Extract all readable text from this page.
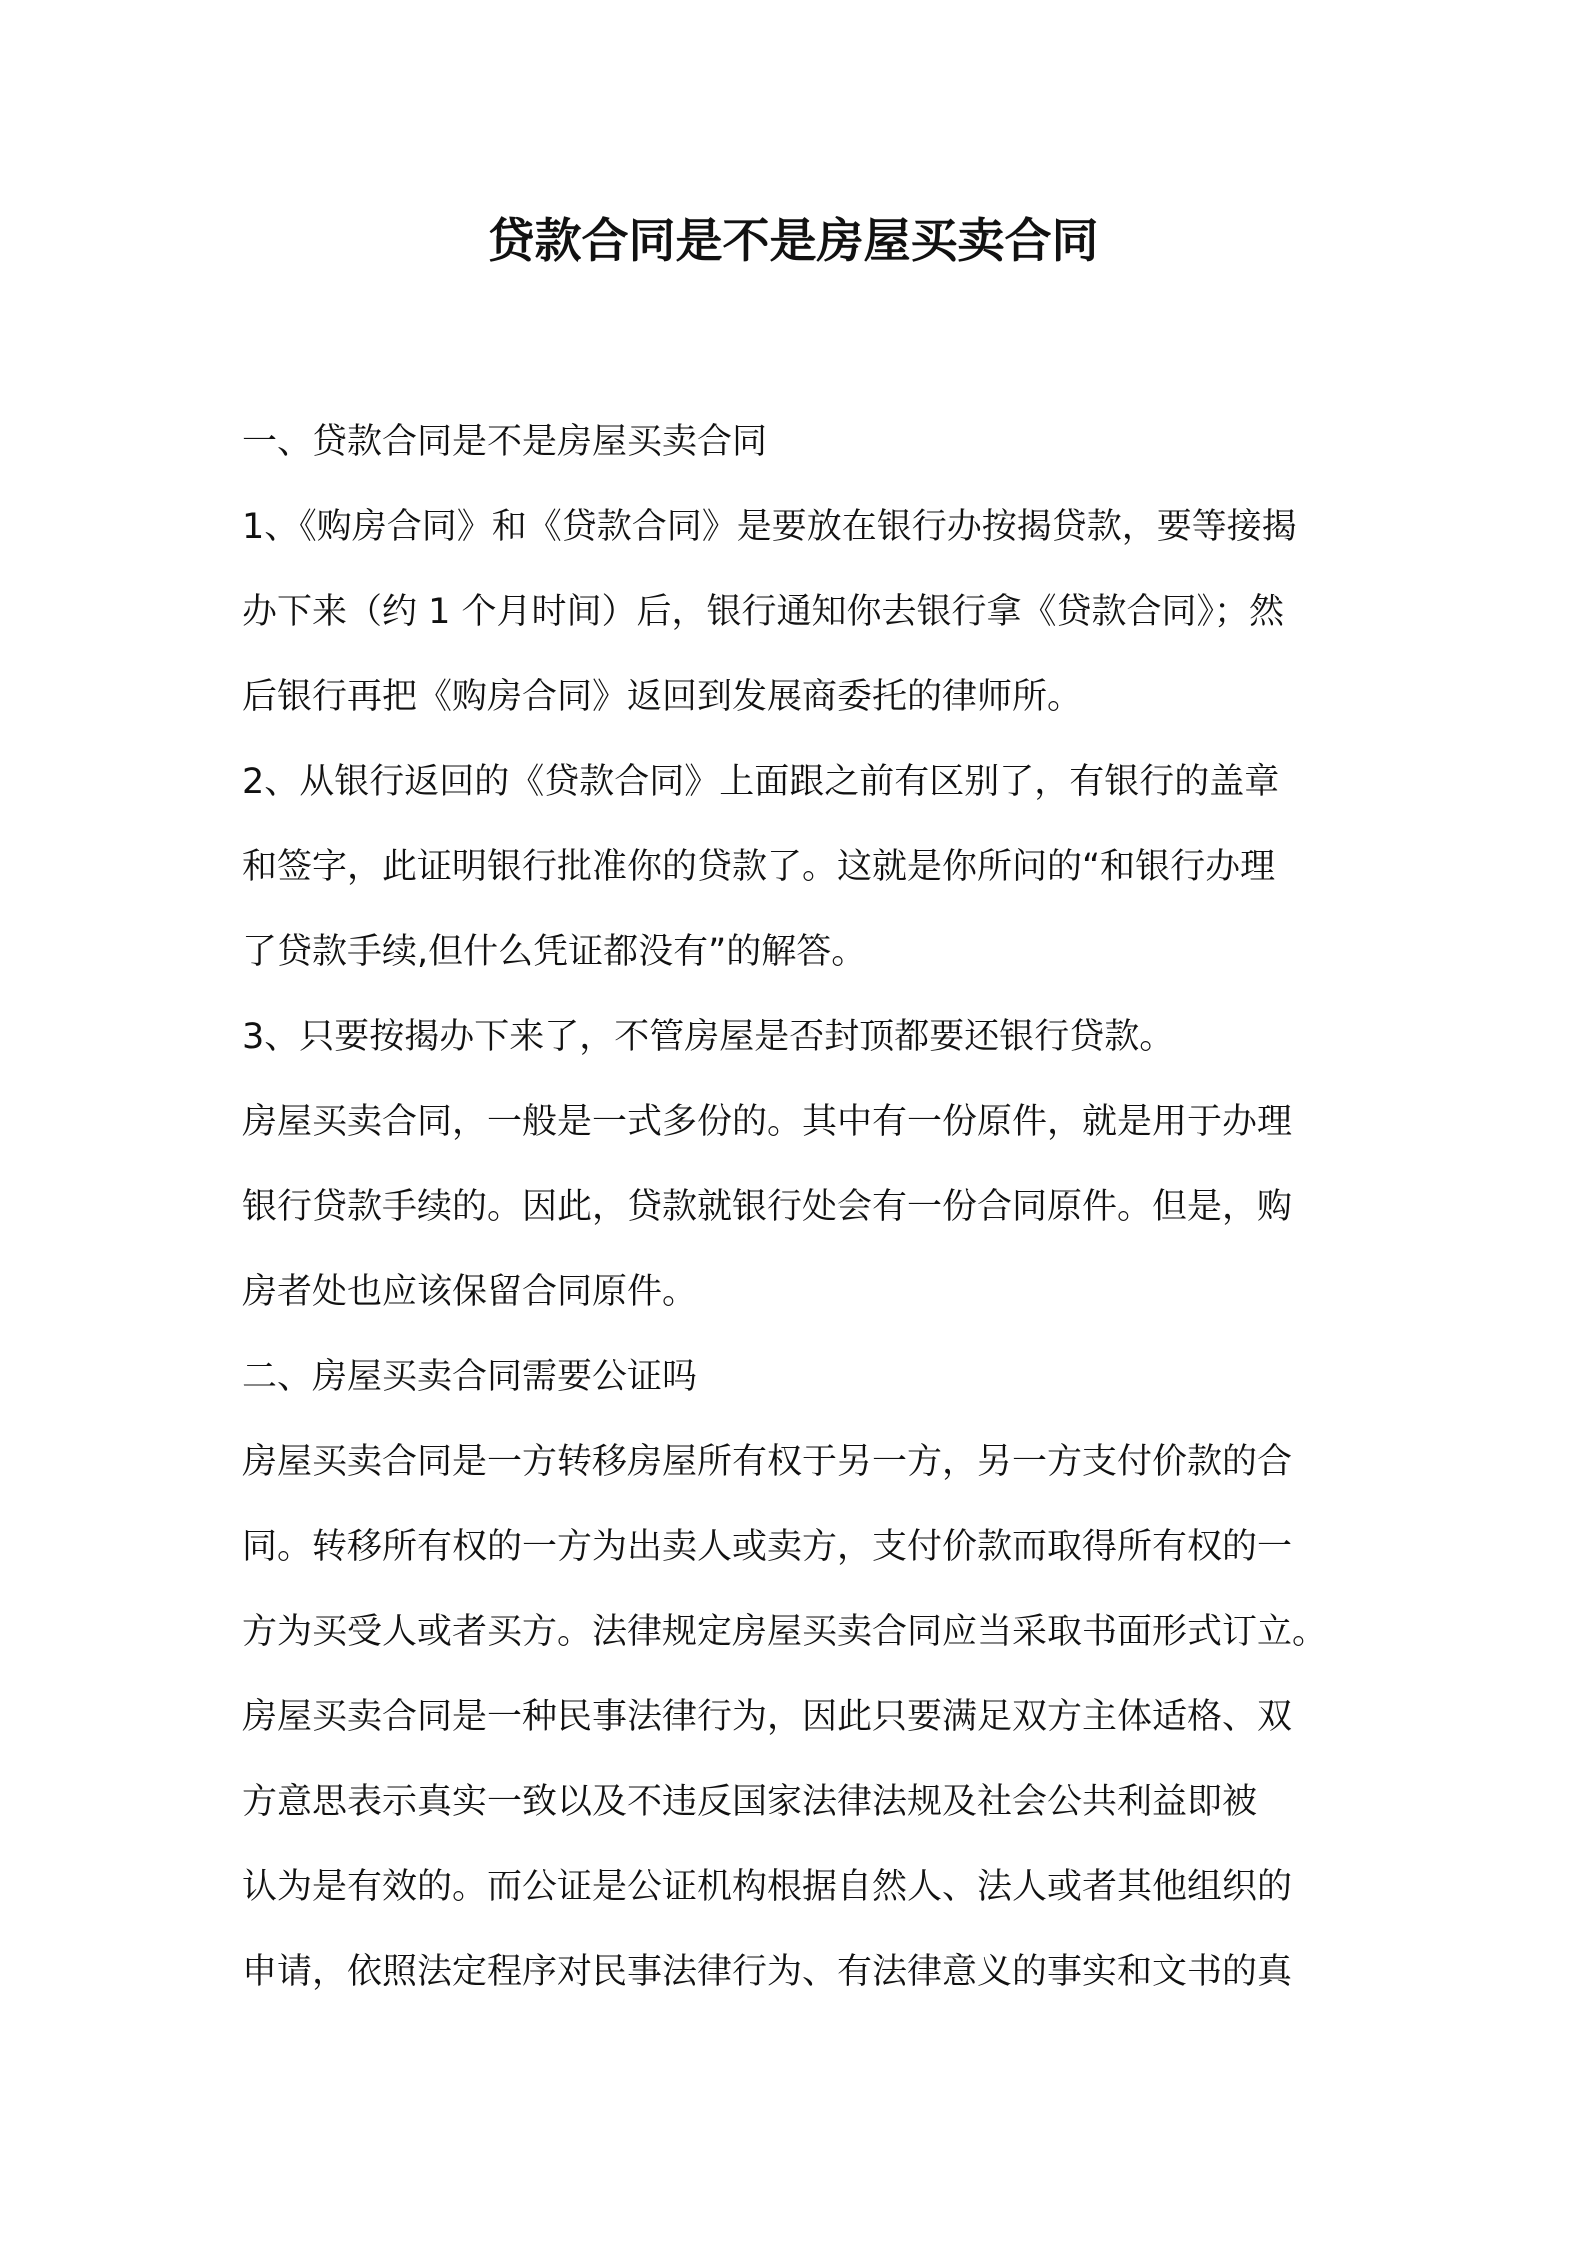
贷款合同是不是房屋买卖合同
一、贷款合同是不是房屋买卖合同
1、《购房合同》和《贷款合同》是要放在银行办按揭贷款，要等接揭
办下来（约 1 个月时间）后，银行通知你去银行拿《贷款合同》；然
后银行再把《购房合同》返回到发展商委托的律师所。
2、从银行返回的《贷款合同》上面跟之前有区别了，有银行的盖章
和签字，此证明银行批准你的贷款了。这就是你所问的“和银行办理
了贷款手续,但什么凭证都没有”的解答。
3、只要按揭办下来了，不管房屋是否封顶都要还银行贷款。
房屋买卖合同，一般是一式多份的。其中有一份原件，就是用于办理
银行贷款手续的。因此，贷款就银行处会有一份合同原件。但是，购
房者处也应该保留合同原件。
二、房屋买卖合同需要公证吗
房屋买卖合同是一方转移房屋所有权于另一方，另一方支付价款的合
同。转移所有权的一方为出卖人或卖方，支付价款而取得所有权的一
方为买受人或者买方。法律规定房屋买卖合同应当采取书面形式订立。
房屋买卖合同是一种民事法律行为，因此只要满足双方主体适格、双
方意思表示真实一致以及不违反国家法律法规及社会公共利益即被
认为是有效的。而公证是公证机构根据自然人、法人或者其他组织的
申请，依照法定程序对民事法律行为、有法律意义的事实和文书的真
